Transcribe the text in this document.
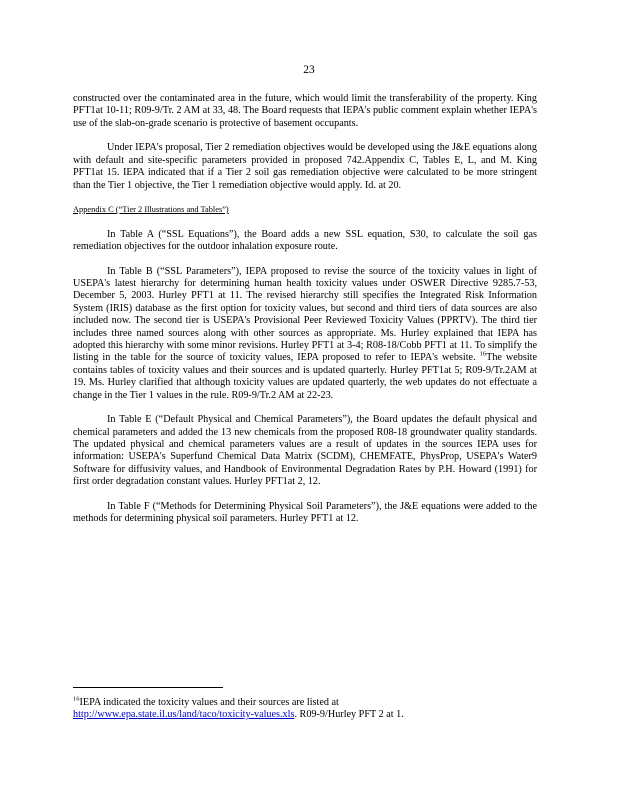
23

constructed over the contaminated area in the future, which would limit the transferability of the property. King PFT1at 10-11; R09-9/Tr. 2 AM at 33, 48. The Board requests that IEPA's public comment explain whether IEPA's use of the slab-on-grade scenario is protective of basement occupants.

Under IEPA's proposal, Tier 2 remediation objectives would be developed using the J&E equations along with default and site-specific parameters provided in proposed 742.Appendix C, Tables E, L, and M. King PFT1at 15. IEPA indicated that if a Tier 2 soil gas remediation objective were calculated to be more stringent than the Tier 1 objective, the Tier 1 remediation objective would apply. Id. at 20.

Appendix C (“Tier 2 Illustrations and Tables”)

In Table A (“SSL Equations”), the Board adds a new SSL equation, S30, to calculate the soil gas remediation objectives for the outdoor inhalation exposure route.

In Table B (“SSL Parameters”), IEPA proposed to revise the source of the toxicity values in light of USEPA's latest hierarchy for determining human health toxicity values under OSWER Directive 9285.7-53, December 5, 2003. Hurley PFT1 at 11. The revised hierarchy still specifies the Integrated Risk Information System (IRIS) database as the first option for toxicity values, but second and third tiers of data sources are also included now. The second tier is USEPA's Provisional Peer Reviewed Toxicity Values (PPRTV). The third tier includes three named sources along with other sources as appropriate. Ms. Hurley explained that IEPA has adopted this hierarchy with some minor revisions. Hurley PFT1 at 3-4; R08-18/Cobb PFT1 at 11. To simplify the listing in the table for the source of toxicity values, IEPA proposed to refer to IEPA's website. $^{16}$The website contains tables of toxicity values and their sources and is updated quarterly. Hurley PFT1at 5; R09-9/Tr.2AM at 19. Ms. Hurley clarified that although toxicity values are updated quarterly, the web updates do not effectuate a change in the Tier 1 values in the rule. R09-9/Tr.2 AM at 22-23.

In Table E (“Default Physical and Chemical Parameters”), the Board updates the default physical and chemical parameters and added the 13 new chemicals from the proposed R08-18 groundwater quality standards. The updated physical and chemical parameters values are a result of updates in the sources IEPA uses for information: USEPA's Superfund Chemical Data Matrix (SCDM), CHEMFATE, PhysProp, USEPA's Water9 Software for diffusivity values, and Handbook of Environmental Degradation Rates by P.H. Howard (1991) for first order degradation constant values. Hurley PFT1at 2, 12.

In Table F (“Methods for Determining Physical Soil Parameters”), the J&E equations were added to the methods for determining physical soil parameters. Hurley PFT1 at 12.

$^{16}$IEPA indicated the toxicity values and their sources are listed at
http://www.epa.state.il.us/land/taco/toxicity-values.xls. R09-9/Hurley PFT 2 at 1.
